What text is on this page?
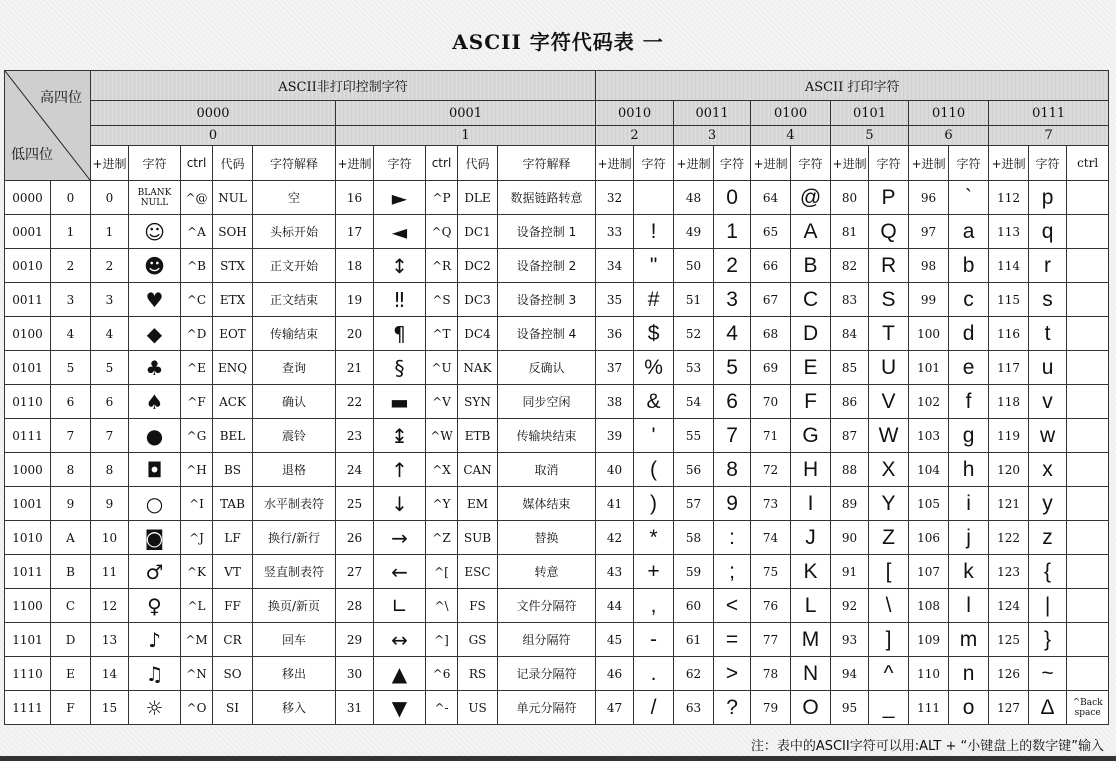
ASCII 字符代码表 一
高四位
低四位		ASCII非打印控制字符										ASCII 打印字符												
		0000					0001					0010		0011		0100		0101		0110		0111		
		0					1					2		3		4		5		6		7		
		+进制	字符	ctrl	代码	字符解释	+进制	字符	ctrl	代码	字符解释	+进制	字符	+进制	字符	+进制	字符	+进制	字符	+进制	字符	+进制	字符	ctrl
0000	0	0	BLANK NULL	^@	NUL	空	16	►	^P	DLE	数据链路转意	32		48	0	64	@	80	P	96	`	112	p	
0001	1	1	☺	^A	SOH	头标开始	17	◄	^Q	DC1	设备控制 1	33	!	49	1	65	A	81	Q	97	a	113	q	
0010	2	2	☻	^B	STX	正文开始	18	↕	^R	DC2	设备控制 2	34	"	50	2	66	B	82	R	98	b	114	r	
0011	3	3	♥	^C	ETX	正文结束	19	‼	^S	DC3	设备控制 3	35	#	51	3	67	C	83	S	99	c	115	s	
0100	4	4	◆	^D	EOT	传输结束	20	¶	^T	DC4	设备控制 4	36	$	52	4	68	D	84	T	100	d	116	t	
0101	5	5	♣	^E	ENQ	查询	21	§	^U	NAK	反确认	37	%	53	5	69	E	85	U	101	e	117	u	
0110	6	6	♠	^F	ACK	确认	22	▬	^V	SYN	同步空闲	38	&	54	6	70	F	86	V	102	f	118	v	
0111	7	7	●	^G	BEL	震铃	23	↨	^W	ETB	传输块结束	39	'	55	7	71	G	87	W	103	g	119	w	
1000	8	8	◘	^H	BS	退格	24	↑	^X	CAN	取消	40	(	56	8	72	H	88	X	104	h	120	x	
1001	9	9	○	^I	TAB	水平制表符	25	↓	^Y	EM	媒体结束	41	)	57	9	73	I	89	Y	105	i	121	y	
1010	A	10	◙	^J	LF	换行/新行	26	→	^Z	SUB	替换	42	*	58	:	74	J	90	Z	106	j	122	z	
1011	B	11	♂	^K	VT	竖直制表符	27	←	^[	ESC	转意	43	+	59	;	75	K	91	[	107	k	123	{	
1100	C	12	♀	^L	FF	换页/新页	28	∟	^\	FS	文件分隔符	44	,	60	<	76	L	92	\	108	l	124	|	
1101	D	13	♪	^M	CR	回车	29	↔	^]	GS	组分隔符	45	-	61	=	77	M	93	]	109	m	125	}	
1110	E	14	♫	^N	SO	移出	30	▲	^6	RS	记录分隔符	46	.	62	>	78	N	94	^	110	n	126	~	
1111	F	15	☼	^O	SI	移入	31	▼	^-	US	单元分隔符	47	/	63	?	79	O	95	_	111	o	127	Δ	^Back space
注：表中的ASCII字符可以用:ALT + “小键盘上的数字键”输入
